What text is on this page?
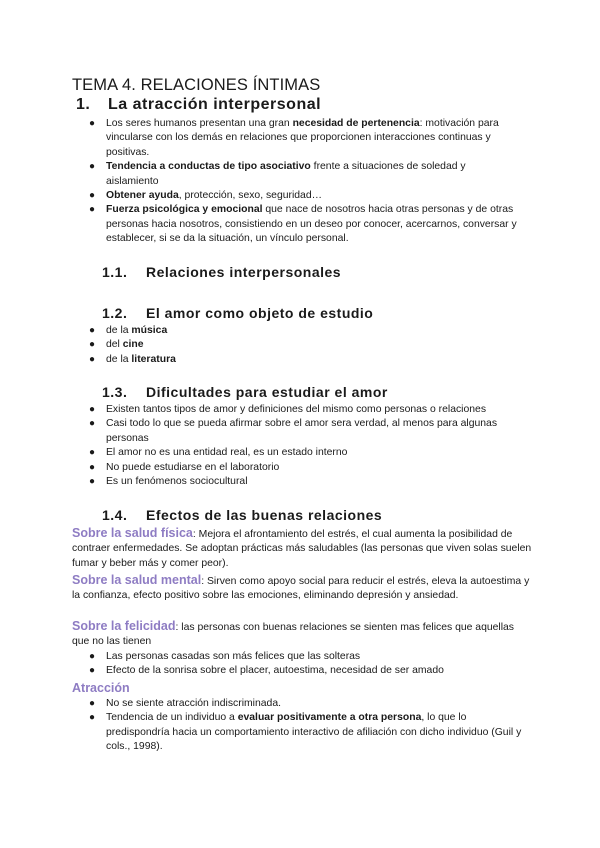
TEMA 4. RELACIONES ÍNTIMAS
1. La atracción interpersonal
● Los seres humanos presentan una gran necesidad de pertenencia: motivación para vincularse con los demás en relaciones que proporcionen interacciones continuas y positivas.
● Tendencia a conductas de tipo asociativo frente a situaciones de soledad y aislamiento
● Obtener ayuda, protección, sexo, seguridad…
● Fuerza psicológica y emocional que nace de nosotros hacia otras personas y de otras personas hacia nosotros, consistiendo en un deseo por conocer, acercarnos, conversar y establecer, si se da la situación, un vínculo personal.
1.1. Relaciones interpersonales
1.2. El amor como objeto de estudio
● de la música
● del cine
● de la literatura
1.3. Dificultades para estudiar el amor
● Existen tantos tipos de amor y definiciones del mismo como personas o relaciones
● Casi todo lo que se pueda afirmar sobre el amor sera verdad, al menos para algunas personas
● El amor no es una entidad real, es un estado interno
● No puede estudiarse en el laboratorio
● Es un fenómenos sociocultural
1.4. Efectos de las buenas relaciones

Sobre la salud física: Mejora el afrontamiento del estrés, el cual aumenta la posibilidad de contraer enfermedades. Se adoptan prácticas más saludables (las personas que viven solas suelen fumar y beber más y comer peor).

Sobre la salud mental: Sirven como apoyo social para reducir el estrés, eleva la autoestima y la confianza, efecto positivo sobre las emociones, eliminando depresión y ansiedad.

Sobre la felicidad: las personas con buenas relaciones se sienten mas felices que aquellas que no las tienen

● Las personas casadas son más felices que las solteras
● Efecto de la sonrisa sobre el placer, autoestima, necesidad de ser amado
Atracción
● No se siente atracción indiscriminada.
● Tendencia de un individuo a evaluar positivamente a otra persona, lo que lo predispondría hacia un comportamiento interactivo de afiliación con dicho individuo (Guil y cols., 1998).
